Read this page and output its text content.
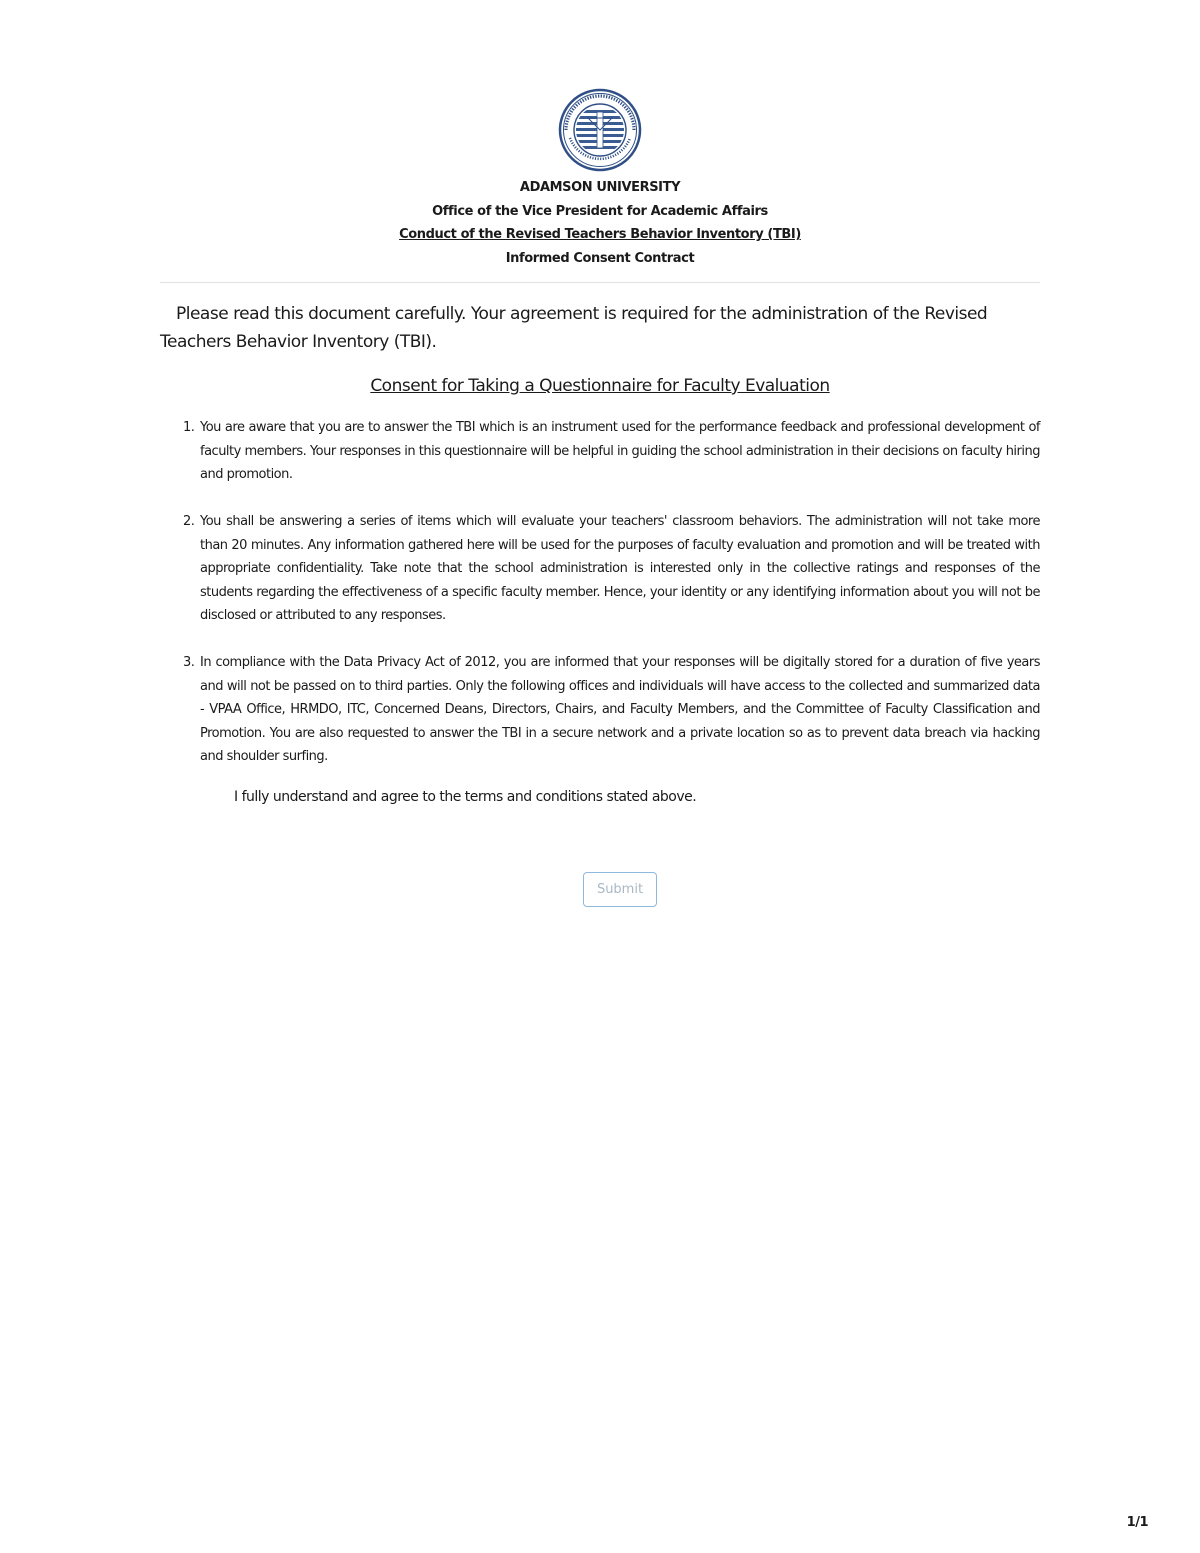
ADAMSON UNIVERSITY
Office of the Vice President for Academic Affairs
Conduct of the Revised Teachers Behavior Inventory (TBI)
Informed Consent Contract

Please read this document carefully. Your agreement is required for the administration of the Revised Teachers Behavior Inventory (TBI).

Consent for Taking a Questionnaire for Faculty Evaluation
1. You are aware that you are to answer the TBI which is an instrument used for the performance feedback and professional development of faculty members. Your responses in this questionnaire will be helpful in guiding the school administration in their decisions on faculty hiring and promotion.
2. You shall be answering a series of items which will evaluate your teachers' classroom behaviors. The administration will not take more than 20 minutes. Any information gathered here will be used for the purposes of faculty evaluation and promotion and will be treated with appropriate confidentiality. Take note that the school administration is interested only in the collective ratings and responses of the students regarding the effectiveness of a specific faculty member. Hence, your identity or any identifying information about you will not be disclosed or attributed to any responses.
3. In compliance with the Data Privacy Act of 2012, you are informed that your responses will be digitally stored for a duration of five years and will not be passed on to third parties. Only the following offices and individuals will have access to the collected and summarized data - VPAA Office, HRMDO, ITC, Concerned Deans, Directors, Chairs, and Faculty Members, and the Committee of Faculty Classification and Promotion. You are also requested to answer the TBI in a secure network and a private location so as to prevent data breach via hacking and shoulder surfing.
I fully understand and agree to the terms and conditions stated above.
Submit
1/1
